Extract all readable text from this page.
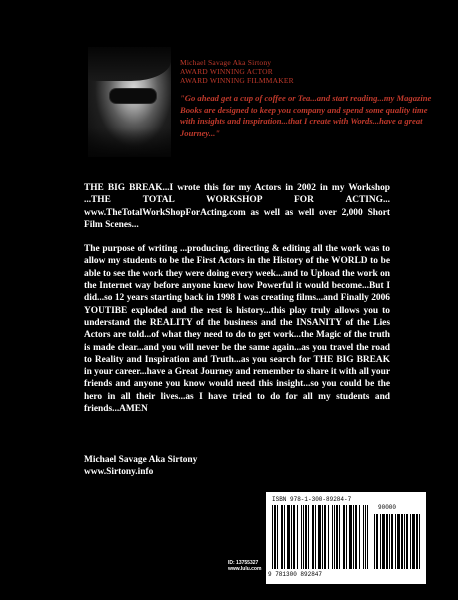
Michael Savage Aka Sirtony
AWARD WINNING ACTOR
AWARD WINNING FILMMAKER
"Go ahead get a cup of coffee or Tea...and start reading...my Magazine Books are designed to keep you company and spend some quality time with insights and inspiration...that I create with Words...have a great Journey..."

THE BIG BREAK...I wrote this for my Actors in 2002 in my Workshop ...THE TOTAL WORKSHOP FOR ACTING... www.TheTotalWorkShopForActing.com as well as well over 2,000 Short Film Scenes...

The purpose of writing ...producing, directing & editing all the work was to allow my students to be the First Actors in the History of the WORLD to be able to see the work they were doing every week...and to Upload the work on the Internet way before anyone knew how Powerful it would become...But I did...so 12 years starting back in 1998 I was creating films...and Finally 2006 YOUTIBE exploded and the rest is history...this play truly allows you to understand the REALITY of the business and the INSANITY of the Lies Actors are told...of what they need to do to get work...the Magic of the truth is made clear...and you will never be the same again...as you travel the road to Reality and Inspiration and Truth...as you search for THE BIG BREAK in your career...have a Great Journey and remember to share it with all your friends and anyone you know would need this insight...so you could be the hero in all their lives...as I have tried to do for all my students and friends...AMEN

Michael Savage Aka Sirtony
www.Sirtony.info
ID: 13755327
www.lulu.com
ISBN 978-1-300-89284-7
90000
9 781300 892847
